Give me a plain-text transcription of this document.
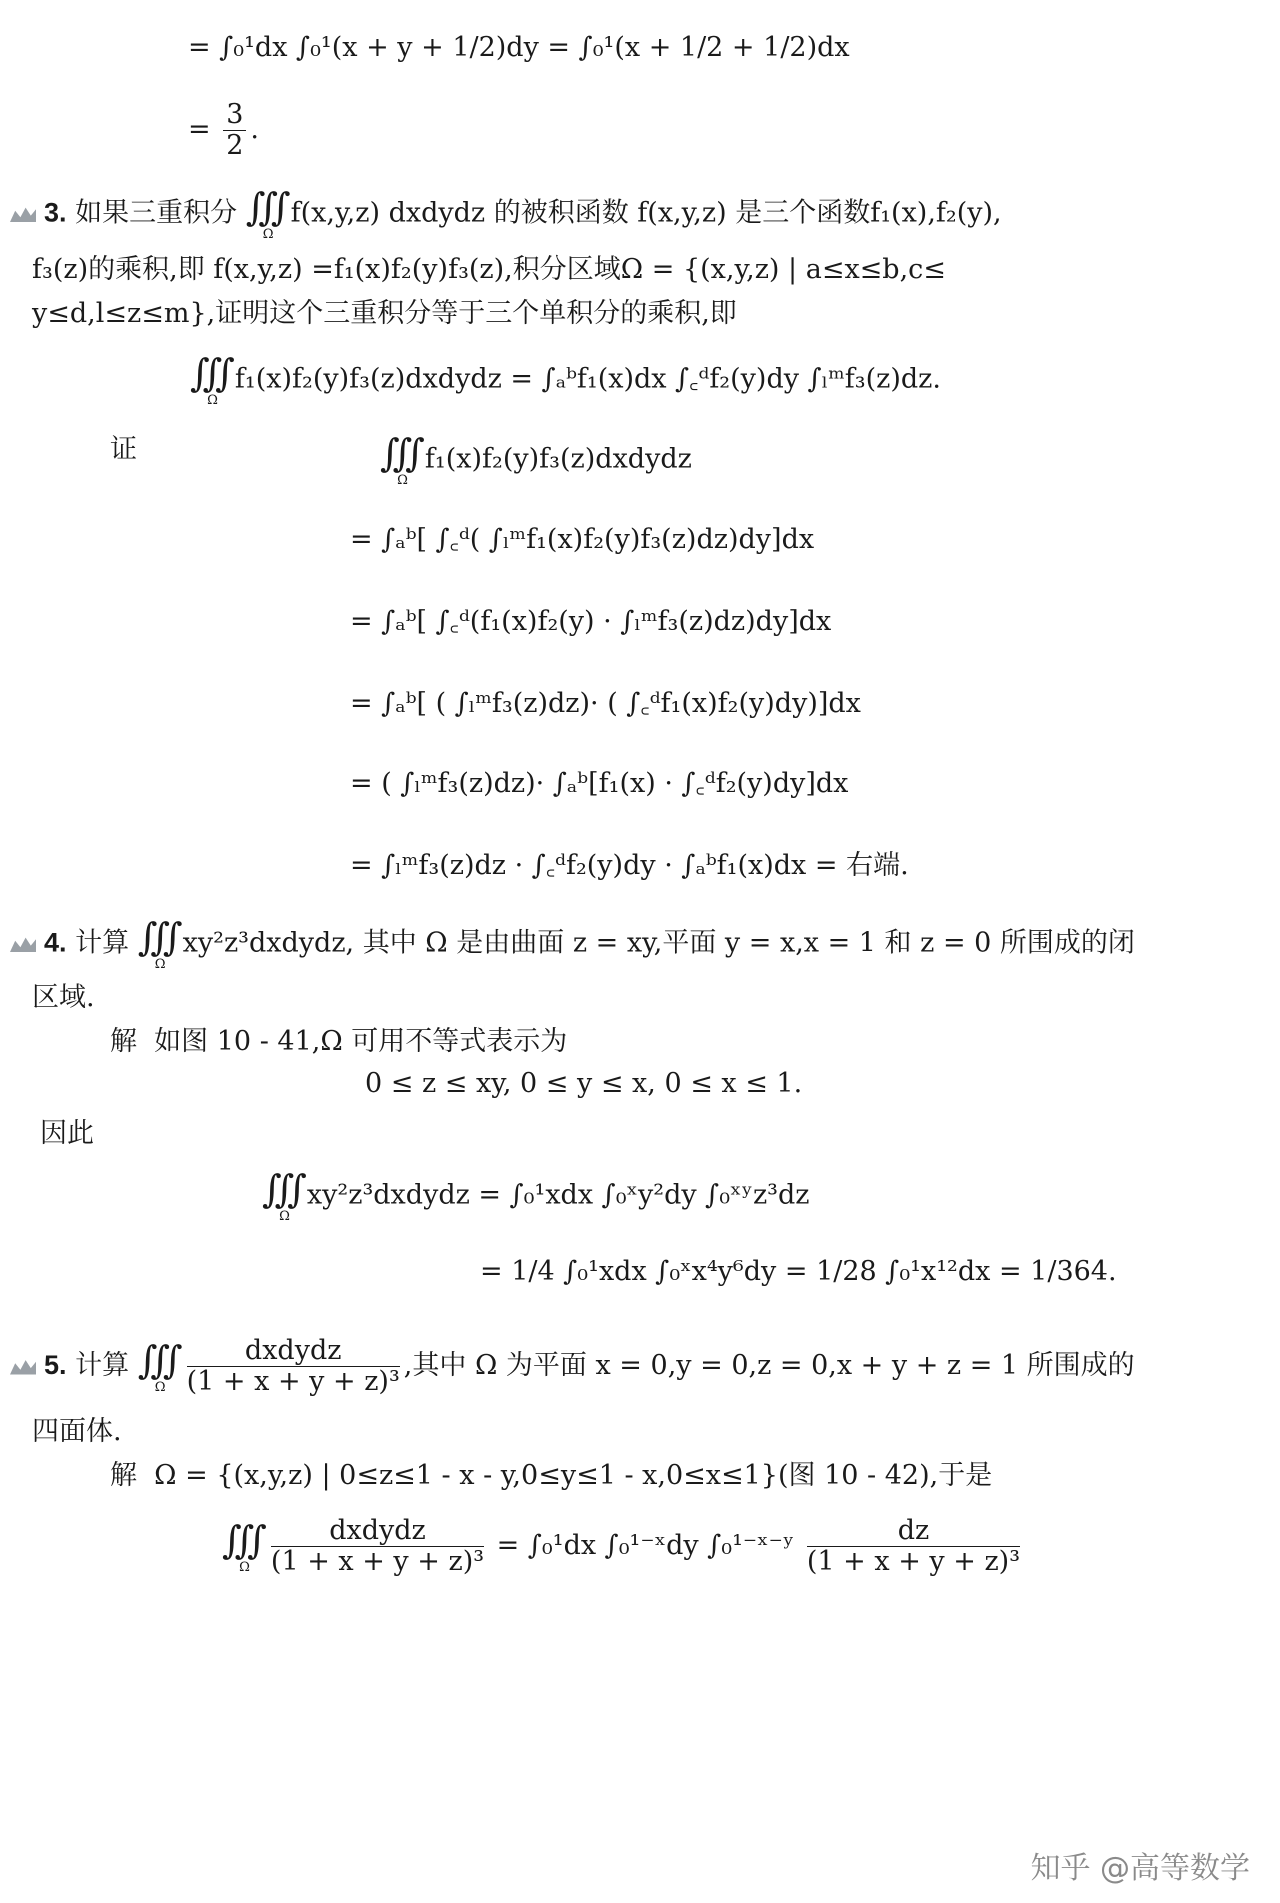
= ∫₀¹dx ∫₀¹(x + y + 1/2)dy = ∫₀¹(x + 1/2 + 1/2)dx
= $\frac{3}{2}$ .
3. 如果三重积分 ∭
Ω
f(x,y,z) dxdydz 的被积函数 f(x,y,z) 是三个函数f₁(x),f₂(y),
f₃(z)的乘积,即 f(x,y,z) =f₁(x)f₂(y)f₃(z),积分区域Ω = {(x,y,z) | a≤x≤b,c≤
y≤d,l≤z≤m},证明这个三重积分等于三个单积分的乘积,即
∭
Ω
f₁(x)f₂(y)f₃(z)dxdydz = ∫ₐᵇf₁(x)dx ∫꜀ᵈf₂(y)dy ∫ₗᵐf₃(z)dz.
证	∭
Ω
f₁(x)f₂(y)f₃(z)dxdydz
= ∫ₐᵇ[ ∫꜀ᵈ( ∫ₗᵐf₁(x)f₂(y)f₃(z)dz)dy]dx
= ∫ₐᵇ[ ∫꜀ᵈ(f₁(x)f₂(y) · ∫ₗᵐf₃(z)dz)dy]dx
= ∫ₐᵇ[ ( ∫ₗᵐf₃(z)dz)· ( ∫꜀ᵈf₁(x)f₂(y)dy)]dx
= ( ∫ₗᵐf₃(z)dz)· ∫ₐᵇ[f₁(x) · ∫꜀ᵈf₂(y)dy]dx
= ∫ₗᵐf₃(z)dz · ∫꜀ᵈf₂(y)dy · ∫ₐᵇf₁(x)dx = 右端.
4. 计算 ∭
Ω
xy²z³dxdydz, 其中 Ω 是由曲面 z = xy,平面 y = x,x = 1 和 z = 0 所围成的闭
区域.
解 如图 10 - 41,Ω 可用不等式表示为
0 ≤ z ≤ xy, 0 ≤ y ≤ x, 0 ≤ x ≤ 1.
因此
∭
Ω
xy²z³dxdydz = ∫₀¹xdx ∫₀ˣy²dy ∫₀ˣʸz³dz
= 1/4 ∫₀¹xdx ∫₀ˣx⁴y⁶dy = 1/28 ∫₀¹x¹²dx = 1/364.
5. 计算 ∭
Ω $\frac{\text{dxdydz}}{\text{(1 + x + y + z)³}}$ ,其中 Ω 为平面 x = 0,y = 0,z = 0,x + y + z = 1 所围成的
四面体.
解 Ω = {(x,y,z) | 0≤z≤1 - x - y,0≤y≤1 - x,0≤x≤1}(图 10 - 42),于是
∭
Ω $\frac{\text{dxdydz}}{\text{(1 + x + y + z)³}} = \int_0^1dx$ ∫₀¹⁻ˣdy ∫₀¹⁻ˣ⁻ʸ $\frac{dz}{\text{(1 + x + y + z)³}}$
知乎 @高等数学
